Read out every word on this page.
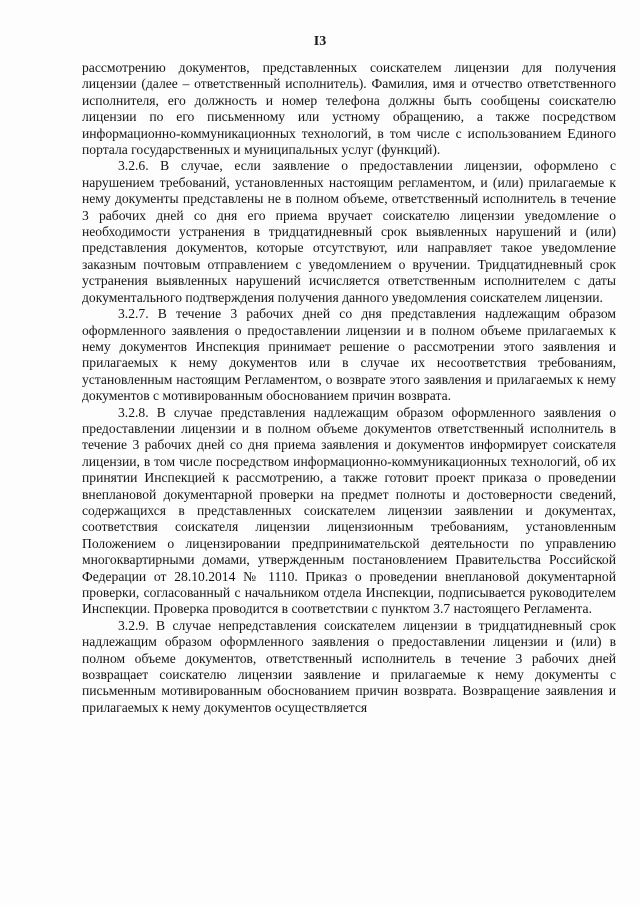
I3

рассмотрению документов, представленных соискателем лицензии для получения лицензии (далее – ответственный исполнитель). Фамилия, имя и отчество ответственного исполнителя, его должность и номер телефона должны быть сообщены соискателю лицензии по его письменному или устному обращению, а также посредством информационно-коммуникационных технологий, в том числе с использованием Единого портала государственных и муниципальных услуг (функций).

3.2.6. В случае, если заявление о предоставлении лицензии, оформлено с нарушением требований, установленных настоящим регламентом, и (или) прилагаемые к нему документы представлены не в полном объеме, ответственный исполнитель в течение 3 рабочих дней со дня его приема вручает соискателю лицензии уведомление о необходимости устранения в тридцатидневный срок выявленных нарушений и (или) представления документов, которые отсутствуют, или направляет такое уведомление заказным почтовым отправлением с уведомлением о вручении. Тридцатидневный срок устранения выявленных нарушений исчисляется ответственным исполнителем с даты документального подтверждения получения данного уведомления соискателем лицензии.

3.2.7. В течение 3 рабочих дней со дня представления надлежащим образом оформленного заявления о предоставлении лицензии и в полном объеме прилагаемых к нему документов Инспекция принимает решение о рассмотрении этого заявления и прилагаемых к нему документов или в случае их несоответствия требованиям, установленным настоящим Регламентом, о возврате этого заявления и прилагаемых к нему документов с мотивированным обоснованием причин возврата.

3.2.8. В случае представления надлежащим образом оформленного заявления о предоставлении лицензии и в полном объеме документов ответственный исполнитель в течение 3 рабочих дней со дня приема заявления и документов информирует соискателя лицензии, в том числе посредством информационно-коммуникационных технологий, об их принятии Инспекцией к рассмотрению, а также готовит проект приказа о проведении внеплановой документарной проверки на предмет полноты и достоверности сведений, содержащихся в представленных соискателем лицензии заявлении и документах, соответствия соискателя лицензии лицензионным требованиям, установленным Положением о лицензировании предпринимательской деятельности по управлению многоквартирными домами, утвержденным постановлением Правительства Российской Федерации от 28.10.2014 № 1110. Приказ о проведении внеплановой документарной проверки, согласованный с начальником отдела Инспекции, подписывается руководителем Инспекции. Проверка проводится в соответствии с пунктом 3.7 настоящего Регламента.

3.2.9. В случае непредставления соискателем лицензии в тридцатидневный срок надлежащим образом оформленного заявления о предоставлении лицензии и (или) в полном объеме документов, ответственный исполнитель в течение 3 рабочих дней возвращает соискателю лицензии заявление и прилагаемые к нему документы с письменным мотивированным обоснованием причин возврата. Возвращение заявления и прилагаемых к нему документов осуществляется
